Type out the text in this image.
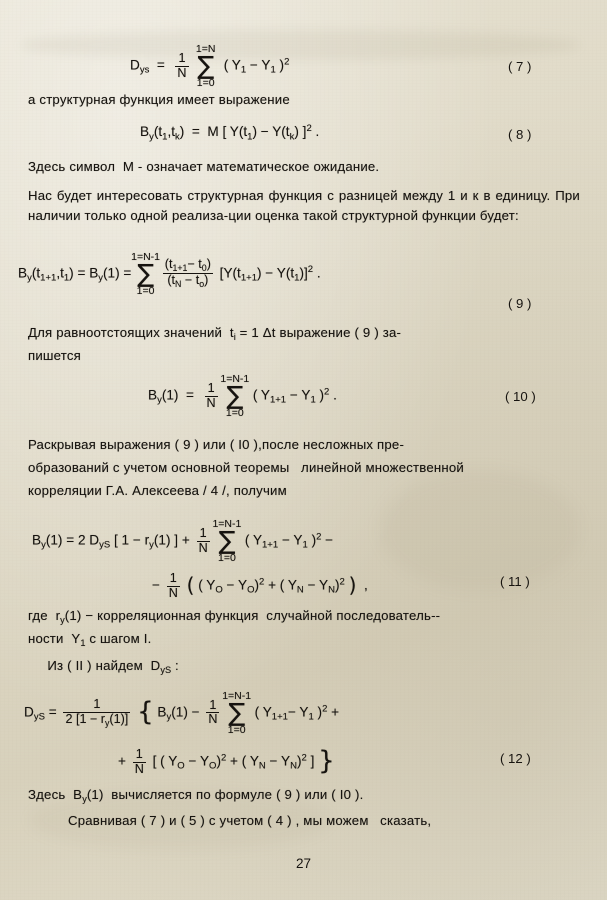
$D_{уs} = \frac{1}{N}$

1=N
∑
1=0
( $Y_1 - Y_1$ )$^2$	( 7 )
а структурная функция имеет выражение
$B_y(t_1,t_k) = M$ [ $Y(t_1) - Y(t_k)$ ]$^2$ .	( 8 )
Здесь символ  М - означает математическое ожидание.
Нас будет интересовать структурная функция с разницей между 1 и к в единицу. При наличии только одной реализа-ции оценка такой структурной функции будет:
$B_y(t_{1+1},t_1) = B_y(1)$ =
1=N-1
∑
1=0

$\frac{(t_{1+1}- t_0)}{(t_N - t_o)} [Y(t_{1+1}) - Y(t_1)]^2$ .
( 9 )
Для равноотстоящих значений  $t_i = 1$ Δt выражение ( 9 ) за-
пишется
$B_y(1) = \frac{1}{N}$

1=N-1
∑
1=0
( $Y_{1+1} - Y_1$ )$^2$ .	( 10 )
Раскрывая выражения ( 9 ) или ( I0 ),после несложных пре-
образований с учетом основной теоремы   линейной множественной
корреляции Г.А. Алексеева / 4 /, получим
$B_y(1) = 2$ $D_{уS}$ [ $1 - r_y(1)$ ] + $\frac{1}{N}$

1=N-1
∑
1=0
( $Y_{1+1} - Y_1$ )$^2$ −
− $\frac{1}{N}$ ( ( $Y_O - Y_O)^2$ + ( $Y_N - Y_N)^2$ )  ,	( 11 )
где  $r_y(1)$ − корреляционная функция  случайной последователь--
ности  $Y_1$ с шагом I.
Из ( II ) найдем  $D_{уS}$ :
$D_{уS} = \frac{1}{2 [1 - r_y(1)]}$ { $B_y(1) - \frac{1}{N}$

1=N-1
∑
1=0
( $Y_{1+1}- Y_1$ )$^2$ +
+ $\frac{1}{N}$ [ ( $Y_O - Y_O)^2$ + ( $Y_N - Y_N)^2$ ] }	( 12 )
Здесь  $B_y(1)$  вычисляется по формуле ( 9 ) или ( I0 ).
Сравнивая ( 7 ) и ( 5 ) с учетом ( 4 ) , мы можем   сказать,
27
